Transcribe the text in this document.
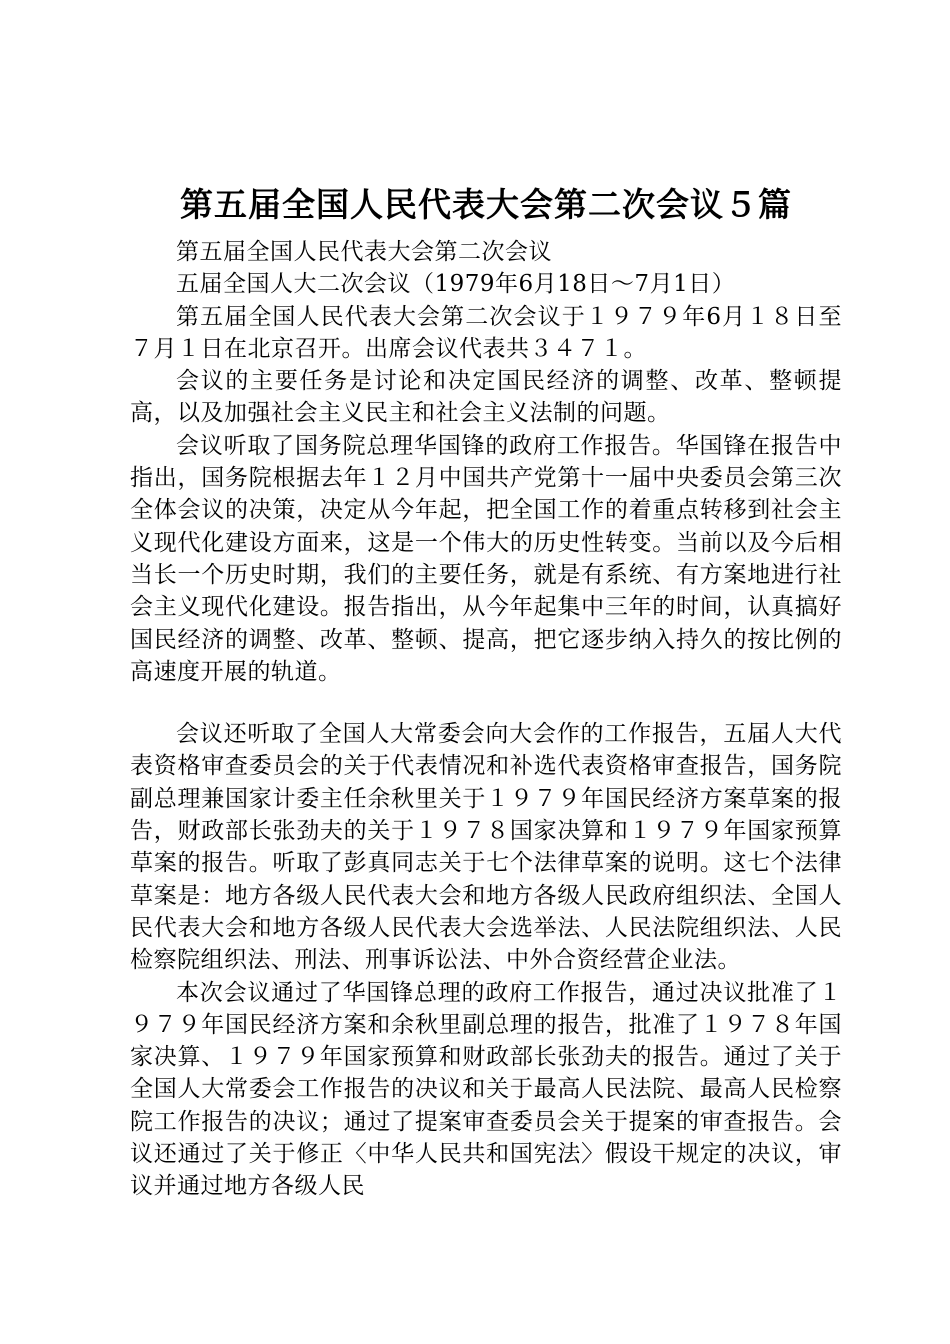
第五届全国人民代表大会第二次会议５篇

第五届全国人民代表大会第二次会议

五届全国人大二次会议（1979年6月18日～7月1日）

第五届全国人民代表大会第二次会议于１９７９年6月１８日至７月１日在北京召开。出席会议代表共３４７１。

会议的主要任务是讨论和决定国民经济的调整、改革、整顿提高，以及加强社会主义民主和社会主义法制的问题。

会议听取了国务院总理华国锋的政府工作报告。华国锋在报告中指出，国务院根据去年１２月中国共产党第十一届中央委员会第三次全体会议的决策，决定从今年起，把全国工作的着重点转移到社会主义现代化建设方面来，这是一个伟大的历史性转变。当前以及今后相当长一个历史时期，我们的主要任务，就是有系统、有方案地进行社会主义现代化建设。报告指出，从今年起集中三年的时间，认真搞好国民经济的调整、改革、整顿、提高，把它逐步纳入持久的按比例的高速度开展的轨道。

会议还听取了全国人大常委会向大会作的工作报告，五届人大代表资格审查委员会的关于代表情况和补选代表资格审查报告，国务院副总理兼国家计委主任余秋里关于１９７９年国民经济方案草案的报告，财政部长张劲夫的关于１９７８国家决算和１９７９年国家预算草案的报告。听取了彭真同志关于七个法律草案的说明。这七个法律草案是：地方各级人民代表大会和地方各级人民政府组织法、全国人民代表大会和地方各级人民代表大会选举法、人民法院组织法、人民检察院组织法、刑法、刑事诉讼法、中外合资经营企业法。

本次会议通过了华国锋总理的政府工作报告，通过决议批准了１９７９年国民经济方案和余秋里副总理的报告，批准了１９７８年国家决算、１９７９年国家预算和财政部长张劲夫的报告。通过了关于全国人大常委会工作报告的决议和关于最高人民法院、最高人民检察院工作报告的决议；通过了提案审查委员会关于提案的审查报告。会议还通过了关于修正〈中华人民共和国宪法〉假设干规定的决议，审议并通过地方各级人民
